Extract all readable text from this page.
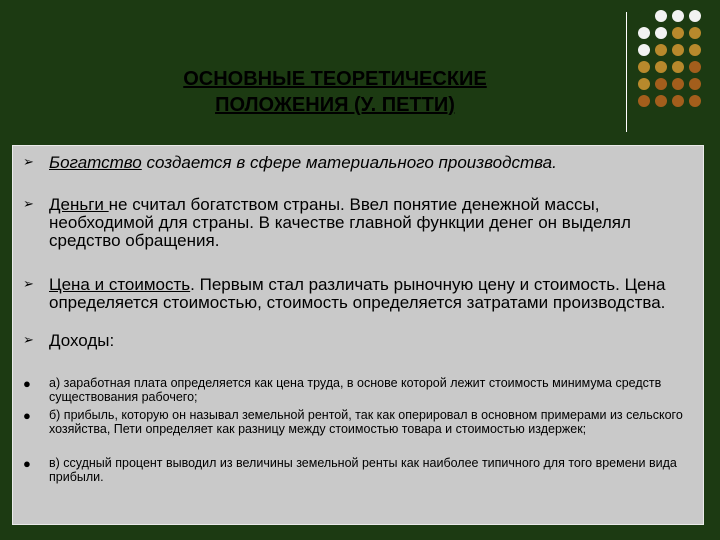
ОСНОВНЫЕ ТЕОРЕТИЧЕСКИЕ
ПОЛОЖЕНИЯ (У. ПЕТТИ)
➢ Богатство создается в сфере материального производства.
➢ Деньги не считал богатством страны. Ввел понятие денежной массы, необходимой для страны. В качестве главной функции денег он выделял средство обращения.
➢ Цена и стоимость. Первым стал различать рыночную цену и стоимость. Цена определяется стоимостью, стоимость определяется затратами производства.
➢ Доходы:
● а) заработная плата определяется как цена труда, в основе которой лежит стоимость минимума средств существования рабочего;
● б) прибыль, которую он называл земельной рентой, так как оперировал в основном примерами из сельского хозяйства, Пети определяет как разницу между стоимостью товара и стоимостью издержек;
● в) ссудный процент выводил из величины земельной ренты как наиболее типичного для того времени вида прибыли.
